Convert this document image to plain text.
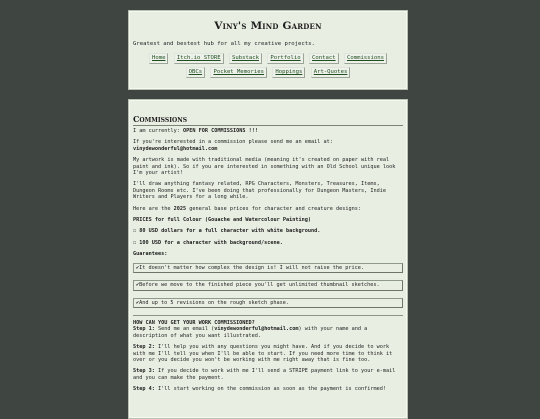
Viny's Mind Garden
Greatest and bestest hub for all my creative projects.
Home Itch.io STORE Substack Portfolio Contact Commissions
OBCs Pocket Memories Hoppings Art-Quotes
Commissions
I am currently: OPEN FOR COMMISSIONS !!!
If you're interested in a commission please send me an email at:
vinydewonderful@hotmail.com
My artwork is made with traditional media (meaning it's created on paper with real paint and ink). So if you are interested in something with an Old School unique look I'm your artist!
I'll draw anything fantasy related, RPG Characters, Monsters, Treasures, Items, Dungeon Rooms etc. I've been doing that professionally for Dungeon Masters, Indie Writers and Players for a long while.
Here are the 2025 general base prices for character and creature designs:
PRICES for full Colour (Gouache and Watercolour Painting)
☐ 80 USD dollars for a full character with white background.
☐ 100 USD for a character with background/scene.
Guarantees:
✔It doesn't matter how complex the design is! I will not raise the price.
✔Before we move to the finished piece you'll get unlimited thumbnail sketches.
✔And up to 5 revisions on the rough sketch phase.
HOW CAN YOU GET YOUR WORK COMMISSIONED?
Step 1: Send me an email (vinydewonderful@hotmail.com) with your name and a description of what you want illustrated.
Step 2: I'll help you with any questions you might have. And if you decide to work with me I'll tell you when I'll be able to start. If you need more time to think it over or you decide you won't be working with me right away that is fine too.
Step 3: If you decide to work with me I'll send a STRIPE payment link to your e-mail and you can make the payment.
Step 4: I'll start working on the commission as soon as the payment is confirmed!
